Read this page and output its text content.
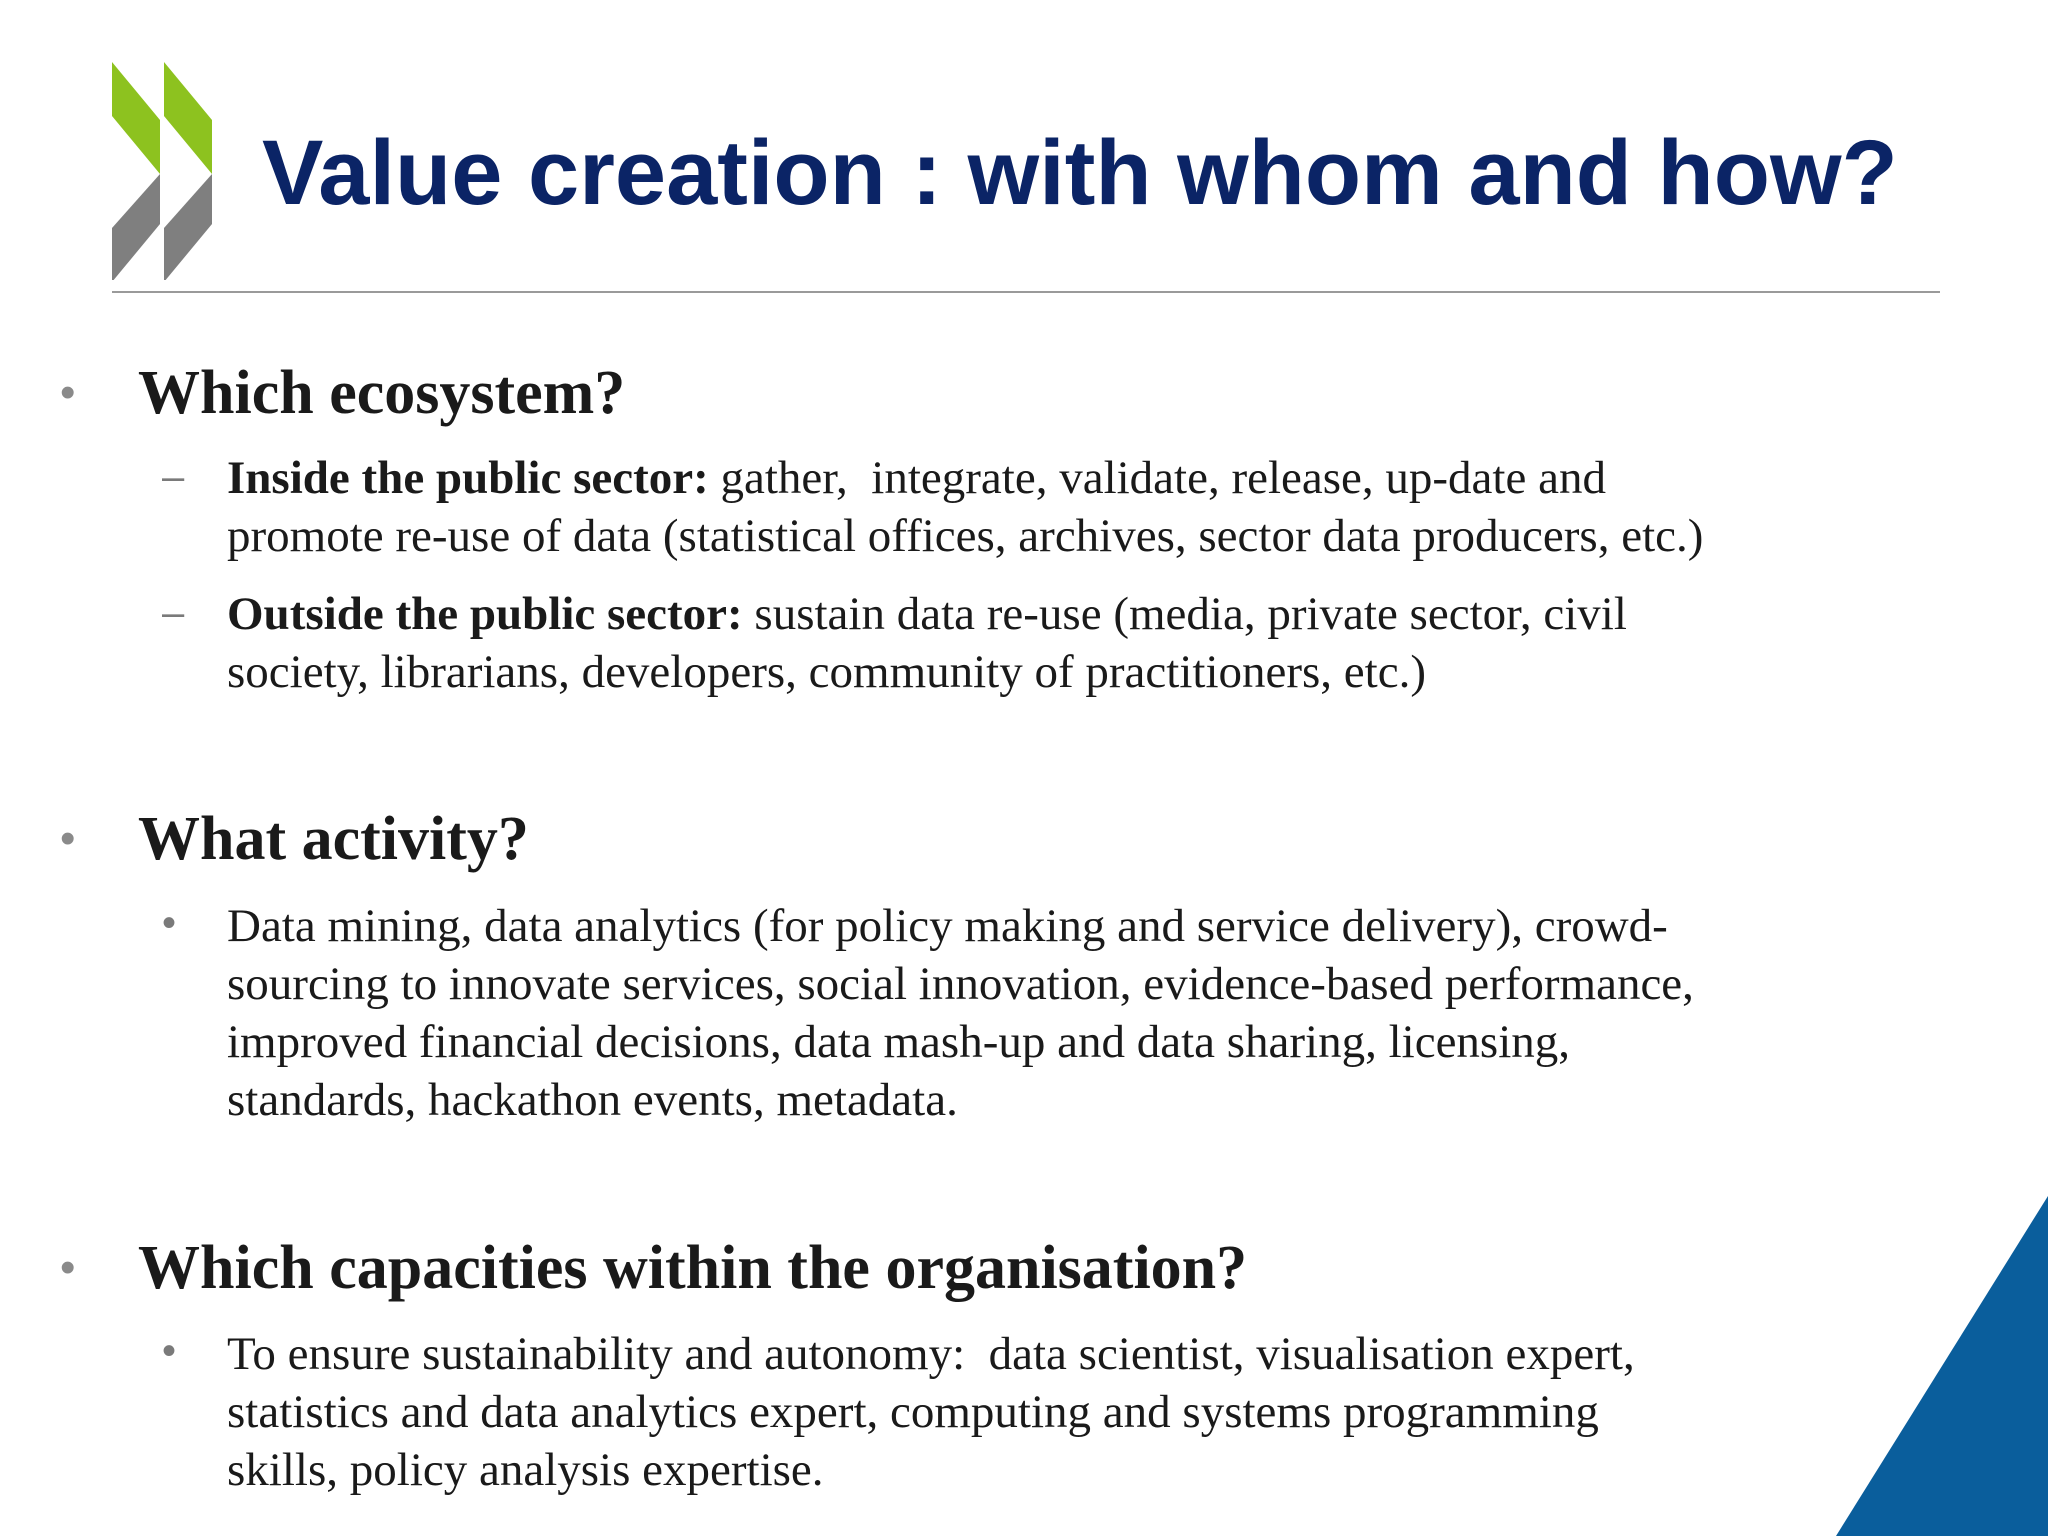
Value creation : with whom and how?
• Which ecosystem?
– Inside the public sector: gather,  integrate, validate, release, up-date and
promote re-use of data (statistical offices, archives, sector data producers, etc.)
– Outside the public sector: sustain data re-use (media, private sector, civil
society, librarians, developers, community of practitioners, etc.)
• What activity?
• Data mining, data analytics (for policy making and service delivery), crowd-
sourcing to innovate services, social innovation, evidence-based performance,
improved financial decisions, data mash-up and data sharing, licensing,
standards, hackathon events, metadata.
• Which capacities within the organisation?
• To ensure sustainability and autonomy:  data scientist, visualisation expert,
statistics and data analytics expert, computing and systems programming
skills, policy analysis expertise.
